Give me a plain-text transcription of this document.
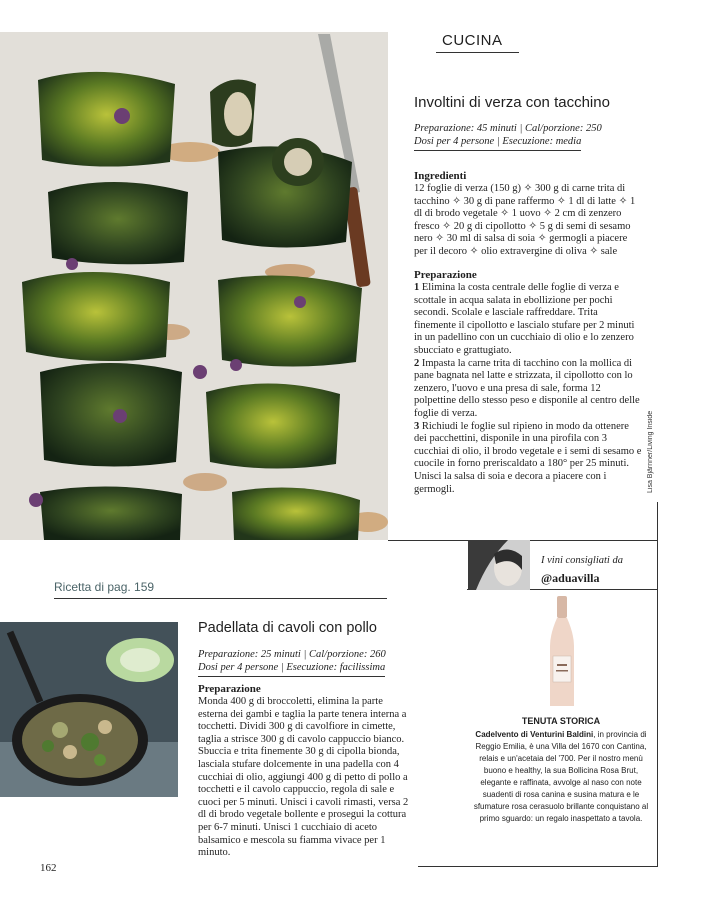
CUCINA
Involtini di verza con tacchino
Preparazione: 45 minuti | Cal/porzione: 250
Dosi per 4 persone | Esecuzione: media
Ingredienti
12 foglie di verza (150 g) ✧ 300 g di carne trita di tacchino ✧ 30 g di pane raffermo ✧ 1 dl di latte ✧ 1 dl di brodo vegetale ✧ 1 uovo ✧ 2 cm di zenzero fresco ✧ 20 g di cipollotto ✧ 5 g di semi di sesamo nero ✧ 30 ml di salsa di soia ✧ germogli a piacere per il decoro ✧ olio extravergine di oliva ✧ sale
Preparazione

1 Elimina la costa centrale delle foglie di verza e scottale in acqua salata in ebollizione per pochi secondi. Scolale e lasciale raffreddare. Trita finemente il cipollotto e lascialo stufare per 2 minuti in un padellino con un cucchiaio di olio e lo zenzero sbucciato e grattugiato.

2 Impasta la carne trita di tacchino con la mollica di pane bagnata nel latte e strizzata, il cipollotto con lo zenzero, l'uovo e una presa di sale, forma 12 polpettine dello stesso peso e disponile al centro delle foglie di verza.

3 Richiudi le foglie sul ripieno in modo da ottenere dei pacchettini, disponile in una pirofila con 3 cucchiai di olio, il brodo vegetale e i semi di sesamo e cuocile in forno preriscaldato a 180° per 25 minuti. Unisci la salsa di soia e decora a piacere con i germogli.	Lisa Bjärnner/Living Inside
Ricetta di pag. 159
Padellata di cavoli con pollo
Preparazione: 25 minuti | Cal/porzione: 260
Dosi per 4 persone | Esecuzione: facilissima
Preparazione
Monda 400 g di broccoletti, elimina la parte esterna dei gambi e taglia la parte tenera interna a tocchetti. Dividi 300 g di cavolfiore in cimette, taglia a strisce 300 g di cavolo cappuccio bianco. Sbuccia e trita finemente 30 g di cipolla bionda, lasciala stufare dolcemente in una padella con 4 cucchiai di olio, aggiungi 400 g di petto di pollo a tocchetti e il cavolo cappuccio, regola di sale e cuoci per 5 minuti. Unisci i cavoli rimasti, versa 2 dl di brodo vegetale bollente e prosegui la cottura per 6-7 minuti. Unisci 1 cucchiaio di aceto balsamico e mescola su fiamma vivace per 1 minuto.
I vini consigliati da
@aduavilla
TENUTA STORICA
Cadelvento di Venturini Baldini, in provincia di Reggio Emilia, è una Villa del 1670 con Cantina, relais e un'acetaia del '700. Per il nostro menù buono e healthy, la sua Bollicina Rosa Brut, elegante e raffinata, avvolge al naso con note suadenti di rosa canina e susina matura e le sfumature rosa cerasuolo brillante conquistano al primo sguardo: un regalo inaspettato a tavola.
162
